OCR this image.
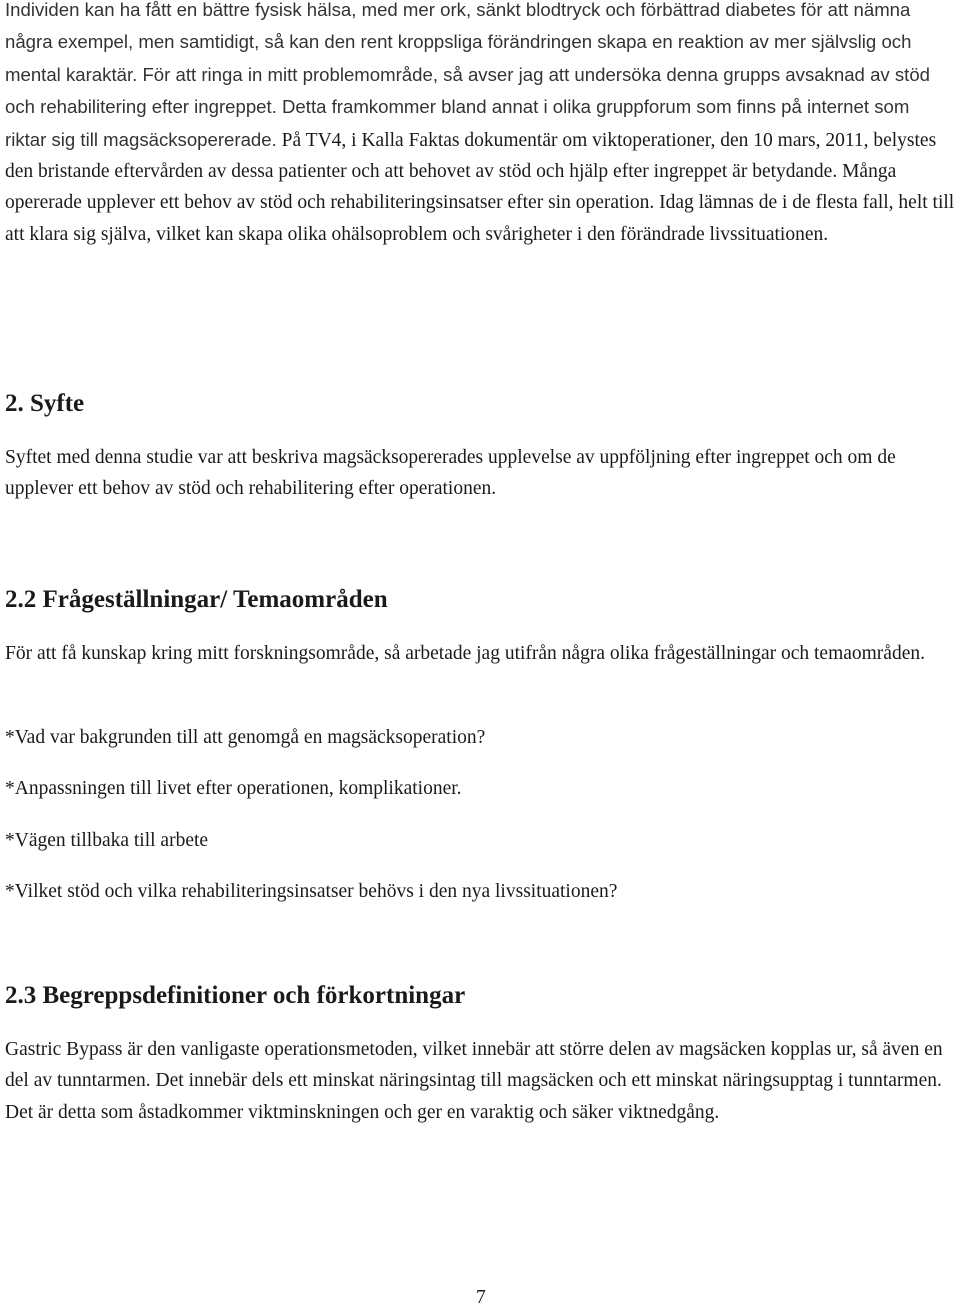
Individen kan ha fått en bättre fysisk hälsa, med mer ork, sänkt blodtryck och förbättrad diabetes för att nämna några exempel, men samtidigt, så kan den rent kroppsliga förändringen skapa en reaktion av mer självslig och mental karaktär. För att ringa in mitt problemområde, så avser jag att undersöka denna grupps avsaknad av stöd och rehabilitering efter ingreppet. Detta framkommer bland annat i olika gruppforum som finns på internet som riktar sig till magsäcksopererade. På TV4, i Kalla Faktas dokumentär om viktoperationer, den 10 mars, 2011, belystes den bristande eftervården av dessa patienter och att behovet av stöd och hjälp efter ingreppet är betydande. Många opererade upplever ett behov av stöd och rehabiliteringsinsatser efter sin operation. Idag lämnas de i de flesta fall, helt till att klara sig själva, vilket kan skapa olika ohälsoproblem och svårigheter i den förändrade livssituationen.

2. Syfte

Syftet med denna studie var att beskriva magsäcksopererades upplevelse av uppföljning efter ingreppet och om de upplever ett behov av stöd och rehabilitering efter operationen.

2.2 Frågeställningar/ Temaområden

För att få kunskap kring mitt forskningsområde, så arbetade jag utifrån några olika frågeställningar och temaområden.

*Vad var bakgrunden till att genomgå en magsäcksoperation?

*Anpassningen till livet efter operationen, komplikationer.

*Vägen tillbaka till arbete

*Vilket stöd och vilka rehabiliteringsinsatser behövs i den nya livssituationen?

2.3 Begreppsdefinitioner och förkortningar

Gastric Bypass är den vanligaste operationsmetoden, vilket innebär att större delen av magsäcken kopplas ur, så även en del av tunntarmen. Det innebär dels ett minskat näringsintag till magsäcken och ett minskat näringsupptag i tunntarmen. Det är detta som åstadkommer viktminskningen och ger en varaktig och säker viktnedgång.

7
